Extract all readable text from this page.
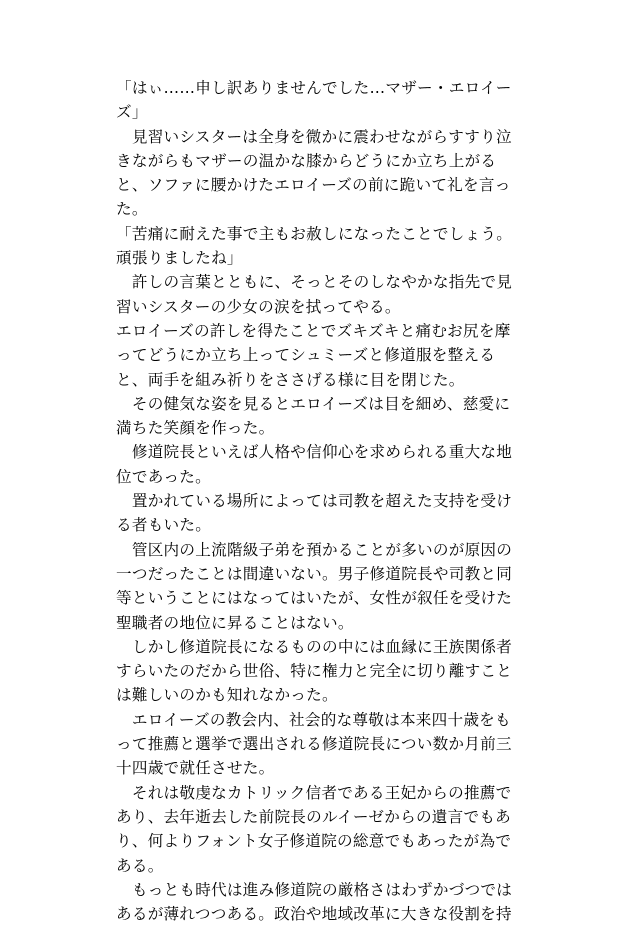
「はぃ……申し訳ありませんでした…マザー・エロイー
ズ」
　見習いシスターは全身を微かに震わせながらすすり泣
きながらもマザーの温かな膝からどうにか立ち上がる
と、ソファに腰かけたエロイーズの前に跪いて礼を言っ
た。
「苦痛に耐えた事で主もお赦しになったことでしょう。
頑張りましたね」
　許しの言葉とともに、そっとそのしなやかな指先で見
習いシスターの少女の涙を拭ってやる。
エロイーズの許しを得たことでズキズキと痛むお尻を摩
ってどうにか立ち上ってシュミーズと修道服を整える
と、両手を組み祈りをささげる様に目を閉じた。
　その健気な姿を見るとエロイーズは目を細め、慈愛に
満ちた笑顔を作った。
　修道院長といえば人格や信仰心を求められる重大な地
位であった。
　置かれている場所によっては司教を超えた支持を受け
る者もいた。
　管区内の上流階級子弟を預かることが多いのが原因の
一つだったことは間違いない。男子修道院長や司教と同
等ということにはなってはいたが、女性が叙任を受けた
聖職者の地位に昇ることはない。
　しかし修道院長になるものの中には血縁に王族関係者
すらいたのだから世俗、特に権力と完全に切り離すこと
は難しいのかも知れなかった。
　エロイーズの教会内、社会的な尊敬は本来四十歳をも
って推薦と選挙で選出される修道院長につい数か月前三
十四歳で就任させた。
　それは敬虔なカトリック信者である王妃からの推薦で
あり、去年逝去した前院長のルイーゼからの遺言でもあ
り、何よりフォント女子修道院の総意でもあったが為で
ある。
　もっとも時代は進み修道院の厳格さはわずかづつでは
あるが薄れつつある。政治や地域改革に大きな役割を持
